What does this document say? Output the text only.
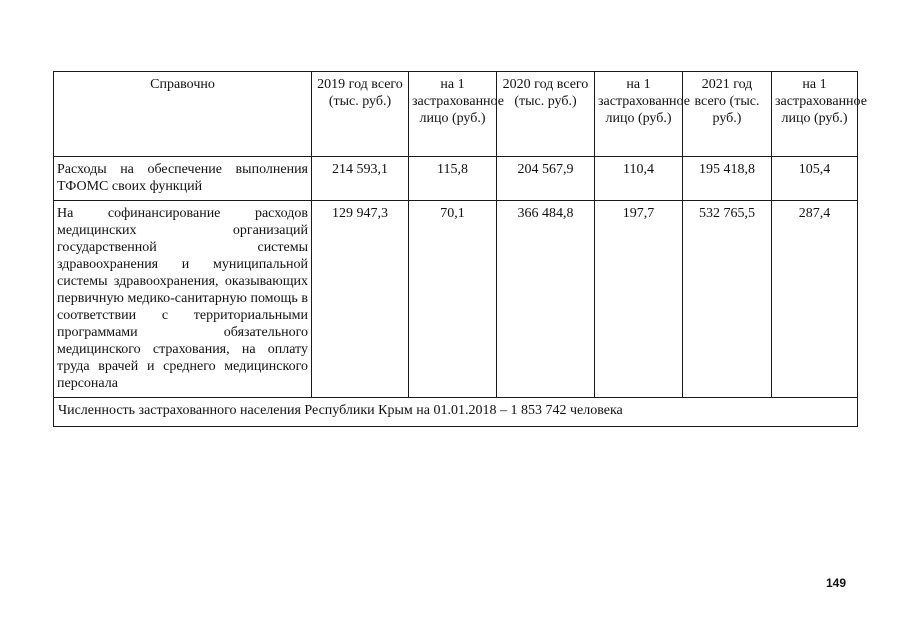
Справочно	2019 год всего (тыс. руб.)	на 1 застрахованное лицо (руб.)	2020 год всего (тыс. руб.)	на 1 застрахованное лицо (руб.)	2021 год всего (тыс. руб.)	на 1 застрахованное лицо (руб.)
Расходы на обеспечение выполнения ТФОМС своих функций	214 593,1	115,8	204 567,9	110,4	195 418,8	105,4
На софинансирование расходов медицинских организаций государственной системы здравоохранения и муниципальной системы здравоохранения, оказывающих первичную медико-санитарную помощь в соответствии с территориальными программами обязательного медицинского страхования, на оплату труда врачей и среднего медицинского персонала	129 947,3	70,1	366 484,8	197,7	532 765,5	287,4
Численность застрахованного населения Республики Крым на 01.01.2018 – 1 853 742 человека						
149
